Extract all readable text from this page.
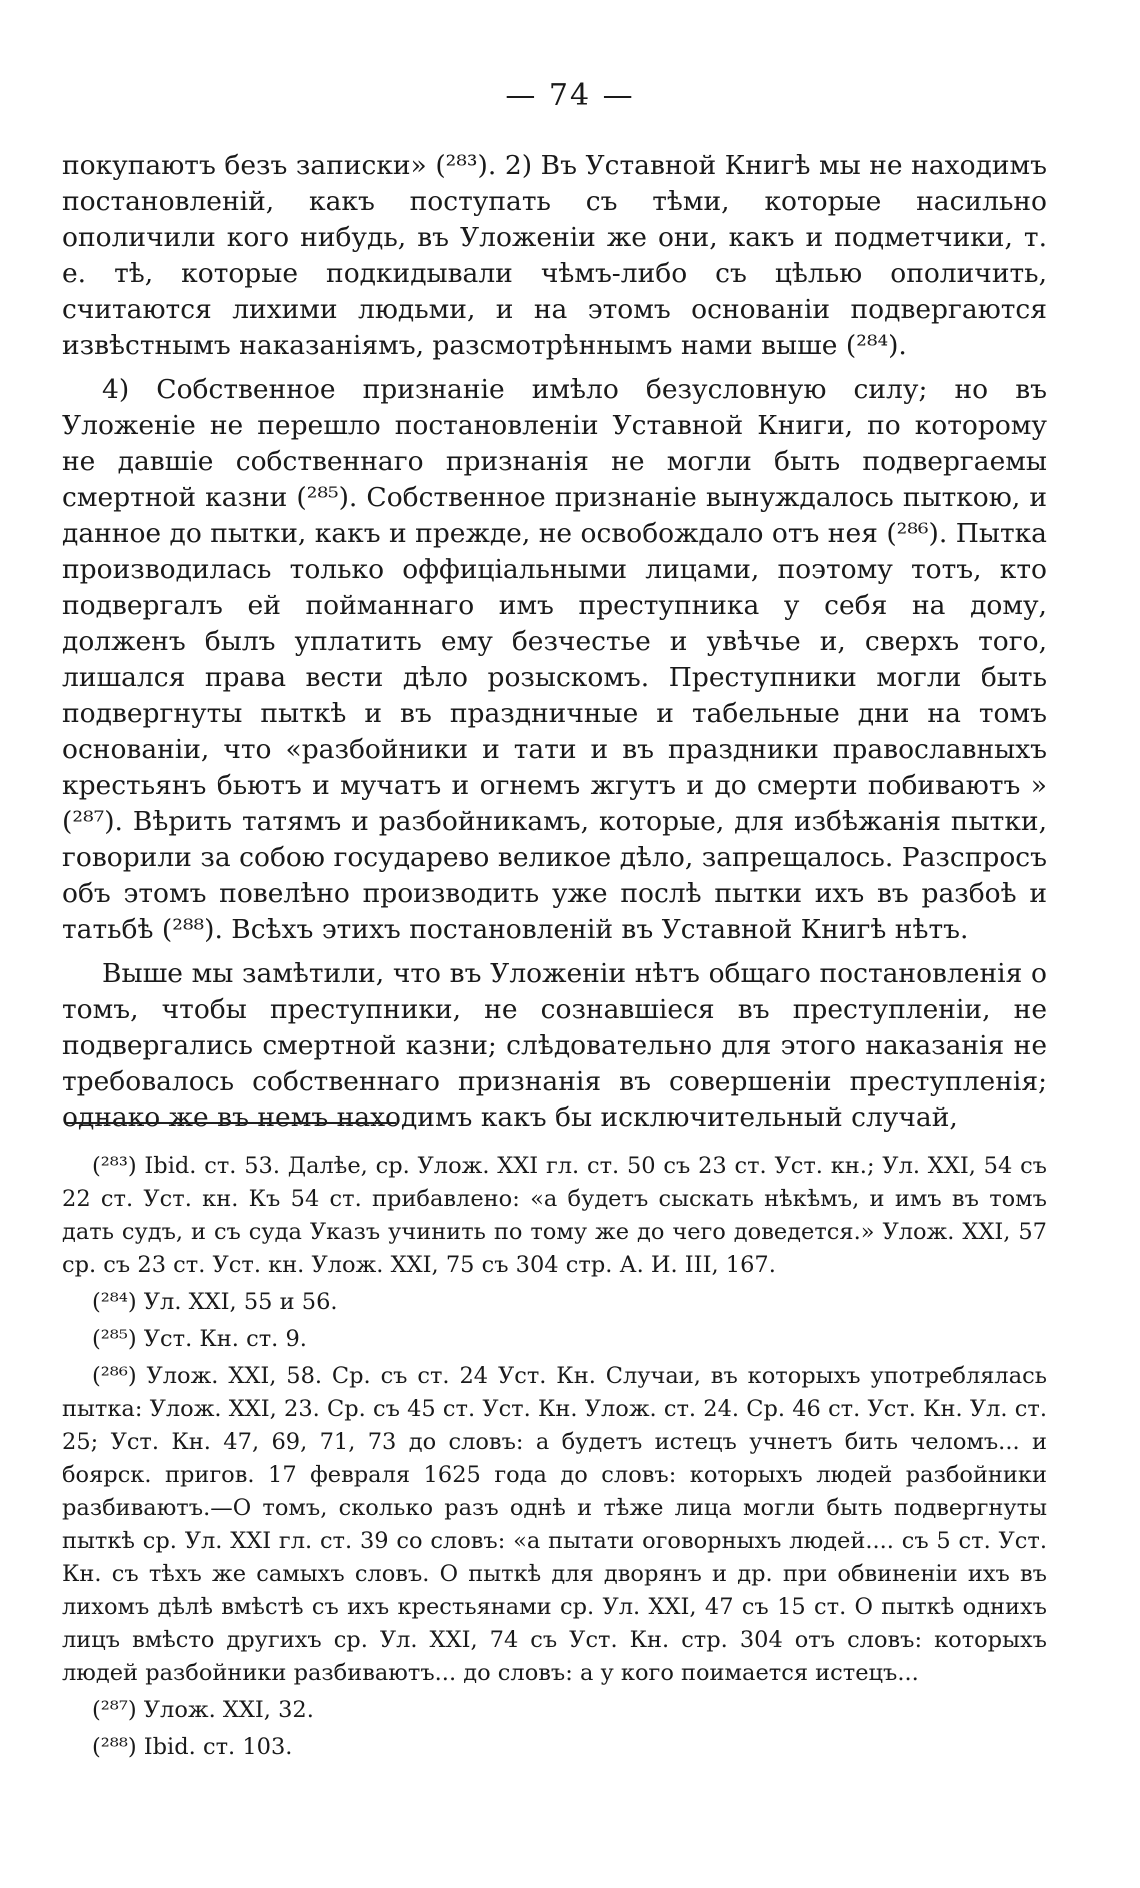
— 74 —

покупаютъ безъ записки» (²⁸³). 2) Въ Уставной Книгѣ мы не находимъ постановленій, какъ поступать съ тѣми, которые насильно ополичили кого нибудь, въ Уложеніи же они, какъ и подметчики, т. е. тѣ, которые подкидывали чѣмъ-либо съ цѣлью ополичить, считаются лихими людьми, и на этомъ основаніи подвергаются извѣстнымъ наказаніямъ, разсмотрѣннымъ нами выше (²⁸⁴).

4) Собственное признаніе имѣло безусловную силу; но въ Уложеніе не перешло постановленіи Уставной Книги, по которому не давшіе собственнаго признанія не могли быть подвергаемы смертной казни (²⁸⁵). Собственное признаніе вынуждалось пыткою, и данное до пытки, какъ и прежде, не освобождало отъ нея (²⁸⁶). Пытка производилась только оффиціальными лицами, поэтому тотъ, кто подвергалъ ей пойманнаго имъ преступника у себя на дому, долженъ былъ уплатить ему безчестье и увѣчье и, сверхъ того, лишался права вести дѣло розыскомъ. Преступники могли быть подвергнуты пыткѣ и въ праздничные и табельные дни на томъ основаніи, что «разбойники и тати и въ праздники православныхъ крестьянъ бьютъ и мучатъ и огнемъ жгутъ и до смерти побиваютъ » (²⁸⁷). Вѣрить татямъ и разбойникамъ, которые, для избѣжанія пытки, говорили за собою государево великое дѣло, запрещалось. Разспросъ объ этомъ повелѣно производить уже послѣ пытки ихъ въ разбоѣ и татьбѣ (²⁸⁸). Всѣхъ этихъ постановленій въ Уставной Книгѣ нѣтъ.

Выше мы замѣтили, что въ Уложеніи нѣтъ общаго постановленія о томъ, чтобы преступники, не сознавшіеся въ преступленіи, не подвергались смертной казни; слѣдовательно для этого наказанія не требовалось собственнаго признанія въ совершеніи преступленія; однако же въ немъ находимъ какъ бы исключительный случай,

(²⁸³) Ibid. ст. 53. Далѣе, ср. Улож. XXI гл. ст. 50 съ 23 ст. Уст. кн.; Ул. XXI, 54 съ 22 ст. Уст. кн. Къ 54 ст. прибавлено: «а будетъ сыскать нѣкѣмъ, и имъ въ томъ дать судъ, и съ суда Указъ учинить по тому же до чего доведется.» Улож. XXI, 57 ср. съ 23 ст. Уст. кн. Улож. XXI, 75 съ 304 стр. А. И. III, 167.

(²⁸⁴) Ул. XXI, 55 и 56.

(²⁸⁵) Уст. Кн. ст. 9.

(²⁸⁶) Улож. XXI, 58. Ср. съ ст. 24 Уст. Кн. Случаи, въ которыхъ употреблялась пытка: Улож. XXI, 23. Ср. съ 45 ст. Уст. Кн. Улож. ст. 24. Ср. 46 ст. Уст. Кн. Ул. ст. 25; Уст. Кн. 47, 69, 71, 73 до словъ: а будетъ истецъ учнетъ бить челомъ... и боярск. пригов. 17 февраля 1625 года до словъ: которыхъ людей разбойники разбиваютъ.—О томъ, сколько разъ однѣ и тѣже лица могли быть подвергнуты пыткѣ ср. Ул. XXI гл. ст. 39 со словъ: «а пытати оговорныхъ людей.... съ 5 ст. Уст. Кн. съ тѣхъ же самыхъ словъ. О пыткѣ для дворянъ и др. при обвиненіи ихъ въ лихомъ дѣлѣ вмѣстѣ съ ихъ крестьянами ср. Ул. XXI, 47 съ 15 ст. О пыткѣ однихъ лицъ вмѣсто другихъ ср. Ул. XXI, 74 съ Уст. Кн. стр. 304 отъ словъ: которыхъ людей разбойники разбиваютъ... до словъ: а у кого поимается истецъ...

(²⁸⁷) Улож. XXI, 32.

(²⁸⁸) Ibid. ст. 103.
